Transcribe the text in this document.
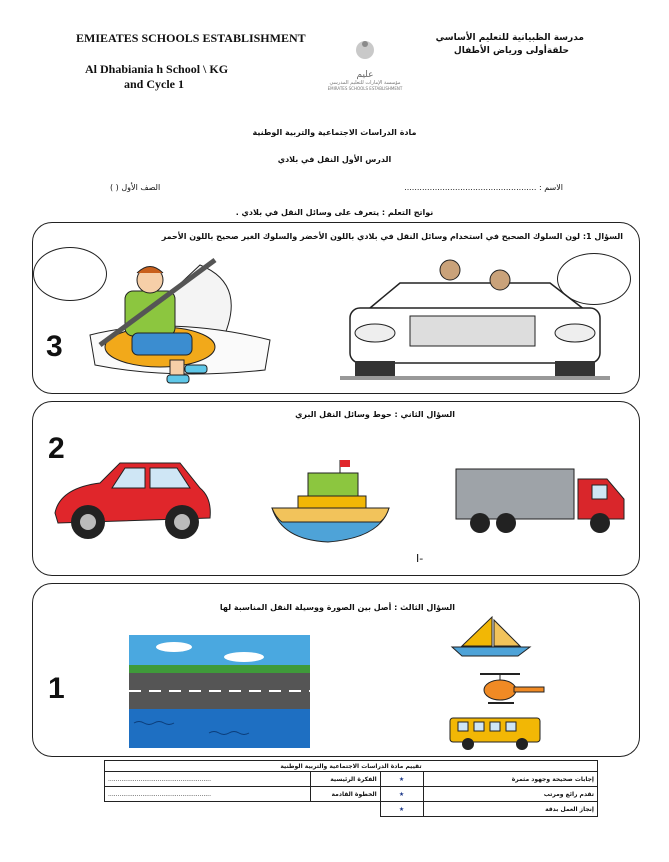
EMIEATES SCHOOLS ESTABLISHMENT
Al Dhabiania h School \ KG
and Cycle 1
عليم
مؤسسة الإمارات للتعليم المدرسي
EMIRATES SCHOOLS ESTABLISHMENT
مدرسة الظبيانية للتعليم الأساسي
حلقةأولى ورياض الأطفال
مادة الدراسات الاجتماعية والتربية الوطنية
الدرس الأول النقل في بلادي
الاسم : ....................................................
الصف الأول ( )
نواتج التعلم : يتعرف على وسائل النقل في بلادي .
السؤال 1: لون السلوك الصحيح في استخدام وسائل النقل في بلادي باللون الأخضر والسلوك الغير صحيح باللون الأحمر
3
السؤال الثاني : حوط وسائل النقل البري
2
I-
السؤال الثالث : أصل بين الصورة ووسيلة النقل المناسبة لها
1
تقييم مادة الدراسات الاجتماعية والتربية الوطنية
......................................................	الفكرة الرئيسية	★	إجابات صحيحة وجهود مثمرة
......................................................	الخطوة القادمة	★	تقدم رائع ومرتب
		★	إنجاز العمل بدقة
